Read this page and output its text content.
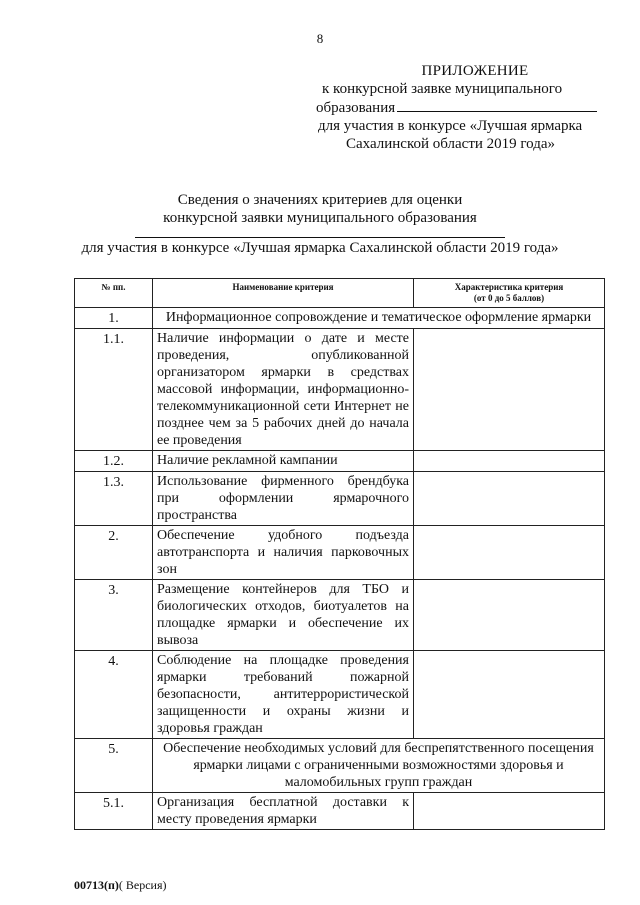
8
ПРИЛОЖЕНИЕ
к конкурсной заявке муниципального
образования
для участия в конкурсе «Лучшая ярмарка
Сахалинской области 2019 года»
Сведения о значениях критериев для оценки
конкурсной заявки муниципального образования
для участия в конкурсе «Лучшая ярмарка Сахалинской области 2019 года»
№ пп.	Наименование критерия	Характеристика критерия
(от 0 до 5 баллов)

1.	Информационное сопровождение и тематическое оформление ярмарки	
1.1.	Наличие информации о дате и месте проведения, опубликованной организатором ярмарки в средствах массовой информации, информационно-телекоммуникационной сети Интернет не позднее чем за 5 рабочих дней до начала ее проведения	
1.2.	Наличие рекламной кампании	
1.3.	Использование фирменного брендбука при оформлении ярмарочного пространства	
2.	Обеспечение удобного подъезда автотранспорта и наличия парковочных зон	
3.	Размещение контейнеров для ТБО и биологических отходов, биотуалетов на площадке ярмарки и обеспечение их вывоза	
4.	Соблюдение на площадке проведения ярмарки требований пожарной безопасности, антитеррористической защищенности и охраны жизни и здоровья граждан	
5.	Обеспечение необходимых условий для беспрепятственного посещения ярмарки лицами с ограниченными возможностями здоровья и маломобильных групп граждан	
5.1.	Организация бесплатной доставки к месту проведения ярмарки	
00713(п)( Версия)
